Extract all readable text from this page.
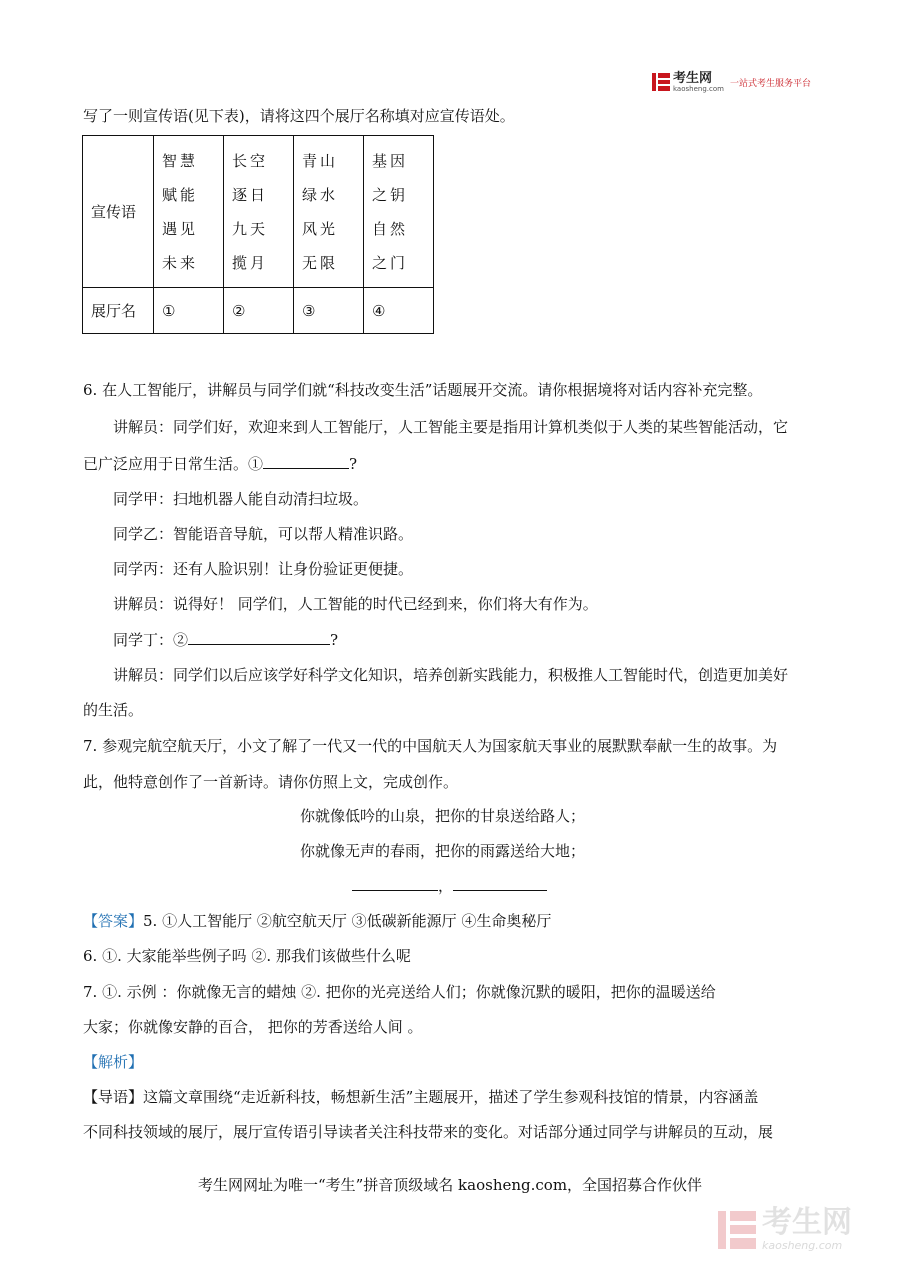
考生网
kaosheng.com 一站式考生服务平台
写了一则宣传语(见下表)，请将这四个展厅名称填对应宣传语处。
宣传语	智慧赋能遇见未来	长空逐日九天揽月	青山绿水风光无限	基因之钥自然之门
展厅名	①	②	③	④
6. 在人工智能厅，讲解员与同学们就“科技改变生活”话题展开交流。请你根据境将对话内容补充完整。
讲解员：同学们好，欢迎来到人工智能厅，人工智能主要是指用计算机类似于人类的某些智能活动，它
已广泛应用于日常生活。①	?
同学甲：扫地机器人能自动清扫垃圾。
同学乙：智能语音导航，可以帮人精准识路。
同学丙：还有人脸识别！让身份验证更便捷。
讲解员：说得好！ 同学们，人工智能的时代已经到来，你们将大有作为。
同学丁：②	?
讲解员：同学们以后应该学好科学文化知识，培养创新实践能力，积极推人工智能时代，创造更加美好
的生活。
7. 参观完航空航天厅，小文了解了一代又一代的中国航天人为国家航天事业的展默默奉献一生的故事。为
此，他特意创作了一首新诗。请你仿照上文，完成创作。
你就像低吟的山泉，把你的甘泉送给路人；
你就像无声的春雨，把你的雨露送给大地；
，
【答案】5. ①人工智能厅 ②航空航天厅 ③低碳新能源厅 ④生命奥秘厅
6. ①. 大家能举些例子吗 ②. 那我们该做些什么呢
7. ①. 示例 ：你就像无言的蜡烛 ②. 把你的光亮送给人们；你就像沉默的暖阳，把你的温暖送给
大家；你就像安静的百合， 把你的芳香送给人间 。
【解析】
【导语】这篇文章围绕“走近新科技，畅想新生活”主题展开，描述了学生参观科技馆的情景，内容涵盖
不同科技领域的展厅，展厅宣传语引导读者关注科技带来的变化。对话部分通过同学与讲解员的互动，展
考生网网址为唯一“考生”拼音顶级域名 kaosheng.com，全国招募合作伙伴
考生网
kaosheng.com
